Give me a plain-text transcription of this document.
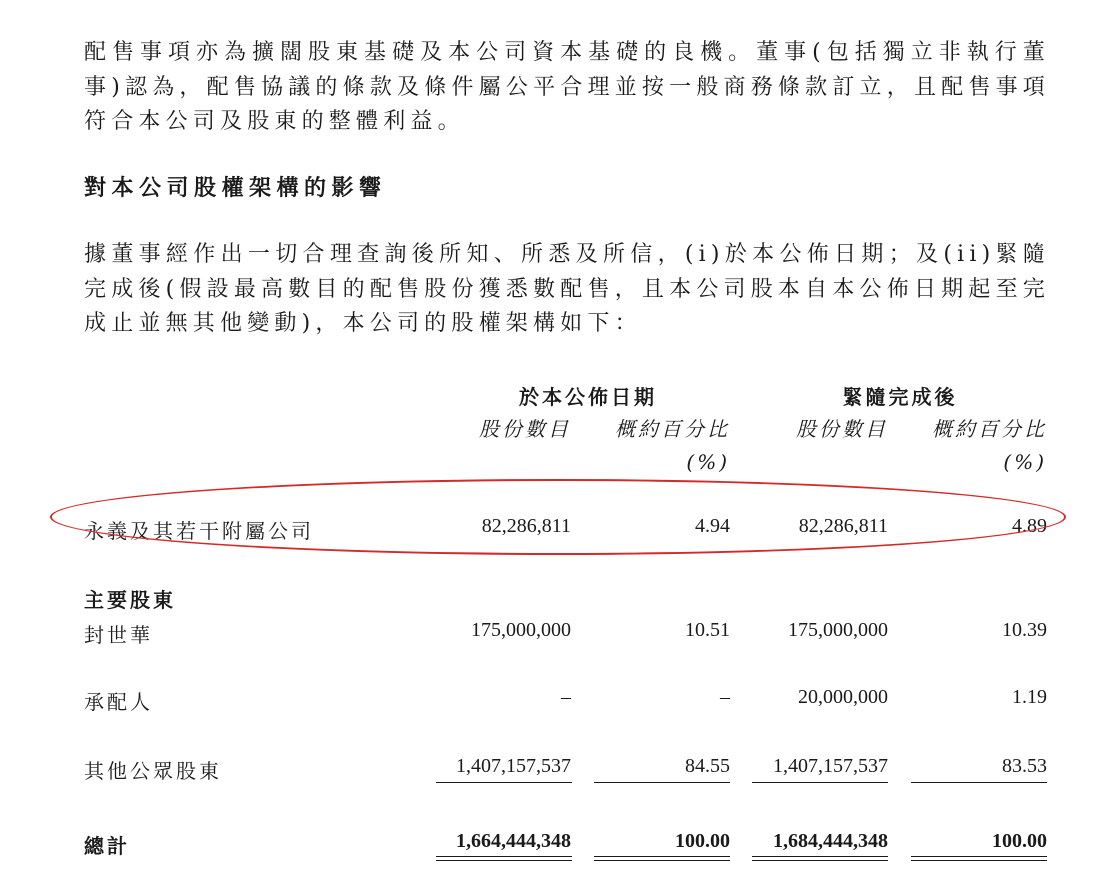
配售事項亦為擴闊股東基礎及本公司資本基礎的良機。董事(包括獨立非執行董事)認為，配售協議的條款及條件屬公平合理並按一般商務條款訂立，且配售事項符合本公司及股東的整體利益。

對本公司股權架構的影響

據董事經作出一切合理查詢後所知、所悉及所信，(i)於本公佈日期；及(ii)緊隨完成後(假設最高數目的配售股份獲悉數配售，且本公司股本自本公佈日期起至完成止並無其他變動)，本公司的股權架構如下：

於本公佈日期	緊隨完成後
股份數目 概約百分比
(%)
股份數目 概約百分比
(%)
永義及其若干附屬公司	82,286,811	4.94	82,286,811	4.89
主要股東
封世華	175,000,000	10.51	175,000,000	10.39
承配人	–	–	20,000,000	1.19
其他公眾股東	1,407,157,537	84.55 1,407,157,537	83.53
總計	1,664,444,348	100.00 1,684,444,348	100.00
